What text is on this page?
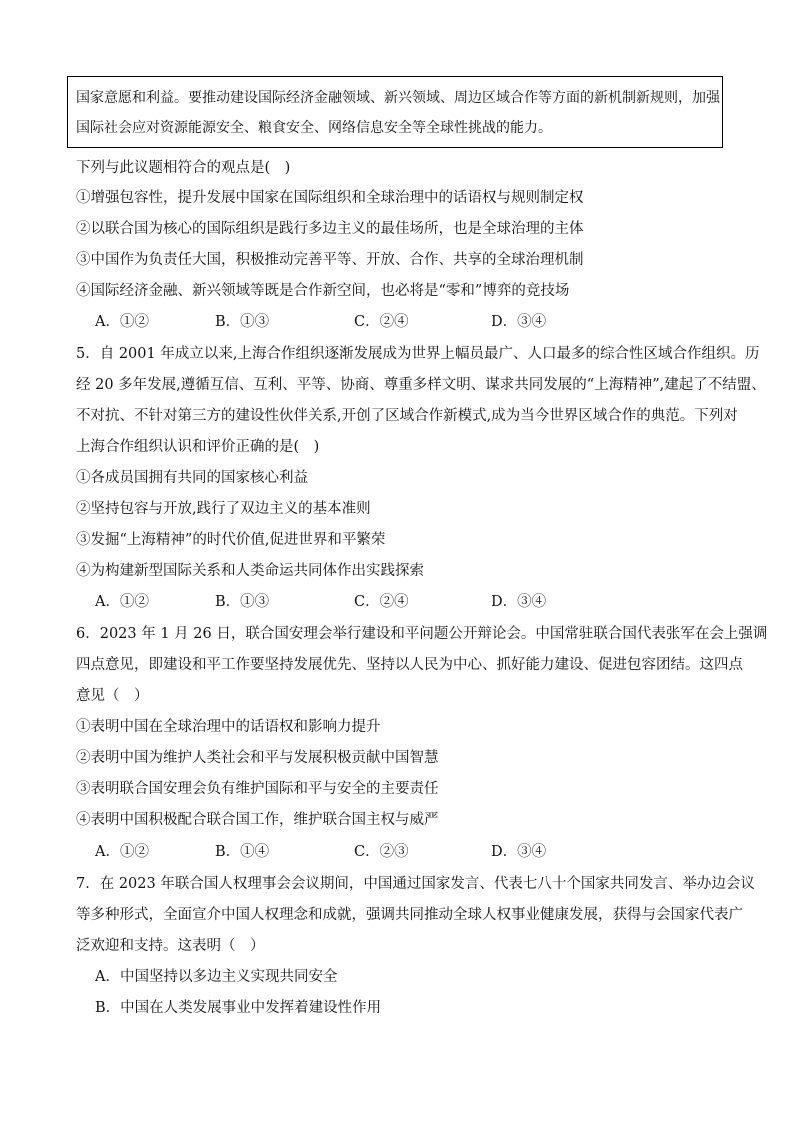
国家意愿和利益。要推动建设国际经济金融领域、新兴领域、周边区域合作等方面的新机制新规则，加强
国际社会应对资源能源安全、粮食安全、网络信息安全等全球性挑战的能力。
下列与此议题相符合的观点是(　)
①增强包容性，提升发展中国家在国际组织和全球治理中的话语权与规则制定权
②以联合国为核心的国际组织是践行多边主义的最佳场所，也是全球治理的主体
③中国作为负责任大国，积极推动完善平等、开放、合作、共享的全球治理机制
④国际经济金融、新兴领域等既是合作新空间，也必将是“零和”博弈的竞技场
A．①②	B．①③	C．②④	D．③④
5．自 2001 年成立以来,上海合作组织逐渐发展成为世界上幅员最广、人口最多的综合性区域合作组织。历
经 20 多年发展,遵循互信、互利、平等、协商、尊重多样文明、谋求共同发展的“上海精神”,建起了不结盟、
不对抗、不针对第三方的建设性伙伴关系,开创了区域合作新模式,成为当今世界区域合作的典范。下列对
上海合作组织认识和评价正确的是(　)
①各成员国拥有共同的国家核心利益
②坚持包容与开放,践行了双边主义的基本准则
③发掘“上海精神”的时代价值,促进世界和平繁荣
④为构建新型国际关系和人类命运共同体作出实践探索
A．①②	B．①③	C．②④	D．③④
6．2023 年 1 月 26 日，联合国安理会举行建设和平问题公开辩论会。中国常驻联合国代表张军在会上强调
四点意见，即建设和平工作要坚持发展优先、坚持以人民为中心、抓好能力建设、促进包容团结。这四点
意见（　）
①表明中国在全球治理中的话语权和影响力提升
②表明中国为维护人类社会和平与发展积极贡献中国智慧
③表明联合国安理会负有维护国际和平与安全的主要责任
④表明中国积极配合联合国工作，维护联合国主权与威严
A．①②	B．①④	C．②③	D．③④
7．在 2023 年联合国人权理事会会议期间，中国通过国家发言、代表七八十个国家共同发言、举办边会议
等多种形式，全面宣介中国人权理念和成就，强调共同推动全球人权事业健康发展，获得与会国家代表广
泛欢迎和支持。这表明（　）
A．中国坚持以多边主义实现共同安全
B．中国在人类发展事业中发挥着建设性作用
